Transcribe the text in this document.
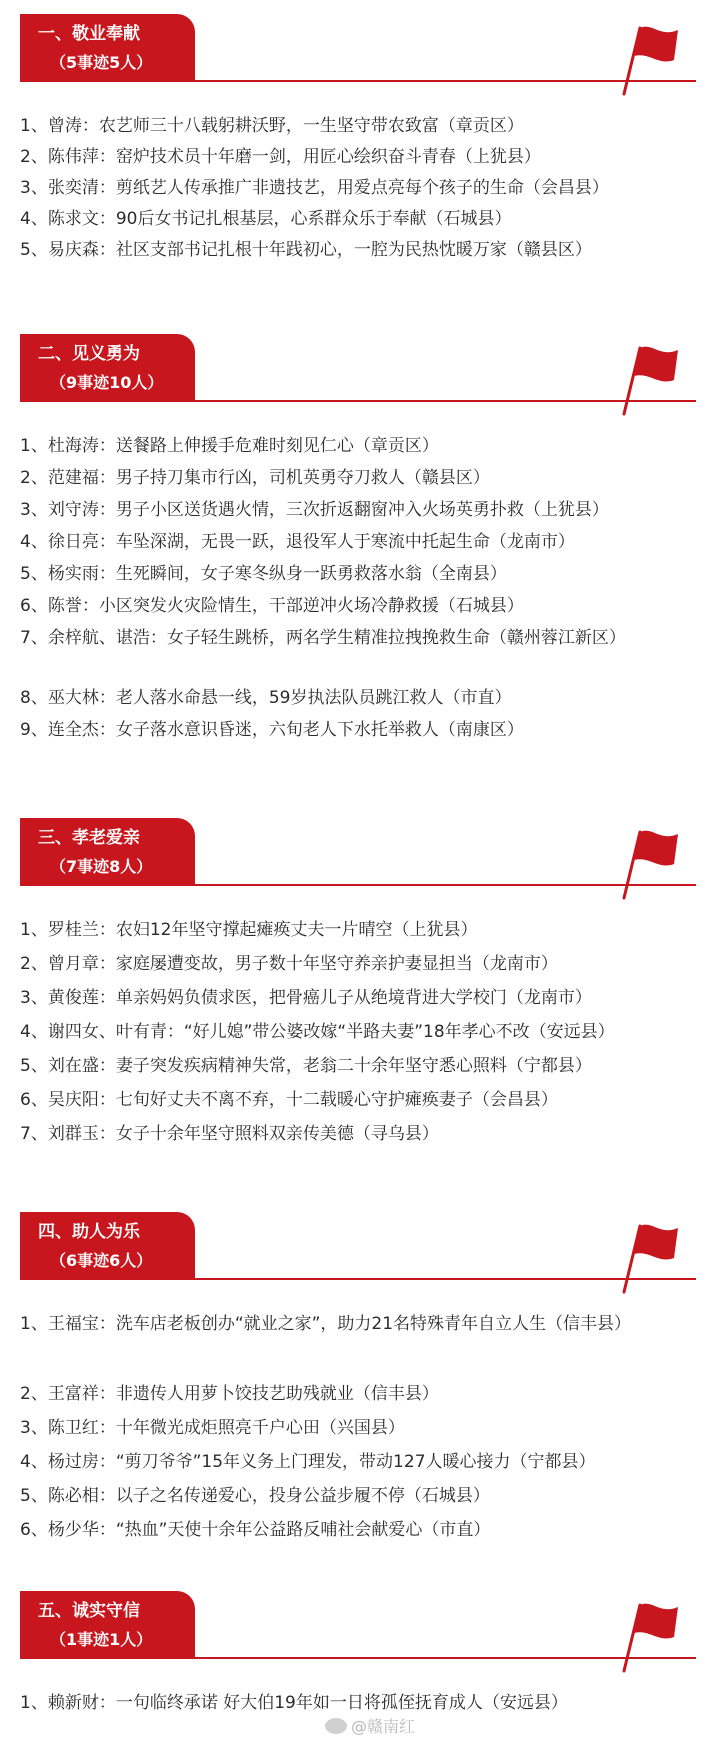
一、敬业奉献
（5事迹5人）
1、曾涛：农艺师三十八载躬耕沃野，一生坚守带农致富（章贡区）
2、陈伟萍：窑炉技术员十年磨一剑，用匠心绘织奋斗青春（上犹县）
3、张奕清：剪纸艺人传承推广非遗技艺，用爱点亮每个孩子的生命（会昌县）
4、陈求文：90后女书记扎根基层，心系群众乐于奉献（石城县）
5、易庆森：社区支部书记扎根十年践初心，一腔为民热忱暖万家（赣县区）
二、见义勇为
（9事迹10人）
1、杜海涛：送餐路上伸援手危难时刻见仁心（章贡区）
2、范建福：男子持刀集市行凶，司机英勇夺刀救人（赣县区）
3、刘守涛：男子小区送货遇火情，三次折返翻窗冲入火场英勇扑救（上犹县）
4、徐日亮：车坠深湖，无畏一跃，退役军人于寒流中托起生命（龙南市）
5、杨实雨：生死瞬间，女子寒冬纵身一跃勇救落水翁（全南县）
6、陈誉：小区突发火灾险情生，干部逆冲火场冷静救援（石城县）
7、余梓航、谌浩：女子轻生跳桥，两名学生精准拉拽挽救生命（赣州蓉江新区）
8、巫大林：老人落水命悬一线，59岁执法队员跳江救人（市直）
9、连全杰：女子落水意识昏迷，六旬老人下水托举救人（南康区）
三、孝老爱亲
（7事迹8人）
1、罗桂兰：农妇12年坚守撑起瘫痪丈夫一片晴空（上犹县）
2、曾月章：家庭屡遭变故，男子数十年坚守养亲护妻显担当（龙南市）
3、黄俊莲：单亲妈妈负债求医，把骨癌儿子从绝境背进大学校门（龙南市）
4、谢四女、叶有青：“好儿媳”带公婆改嫁“半路夫妻”18年孝心不改（安远县）
5、刘在盛：妻子突发疾病精神失常，老翁二十余年坚守悉心照料（宁都县）
6、吴庆阳：七旬好丈夫不离不弃，十二载暖心守护瘫痪妻子（会昌县）
7、刘群玉：女子十余年坚守照料双亲传美德（寻乌县）
四、助人为乐
（6事迹6人）
1、王福宝：洗车店老板创办“就业之家”，助力21名特殊青年自立人生（信丰县）
2、王富祥：非遗传人用萝卜饺技艺助残就业（信丰县）
3、陈卫红：十年微光成炬照亮千户心田（兴国县）
4、杨过房：“剪刀爷爷”15年义务上门理发，带动127人暖心接力（宁都县）
5、陈必相：以子之名传递爱心，投身公益步履不停（石城县）
6、杨少华：“热血”天使十余年公益路反哺社会献爱心（市直）
五、诚实守信
（1事迹1人）
1、赖新财：一句临终承诺 好大伯19年如一日将孤侄抚育成人（安远县）
@赣南红
